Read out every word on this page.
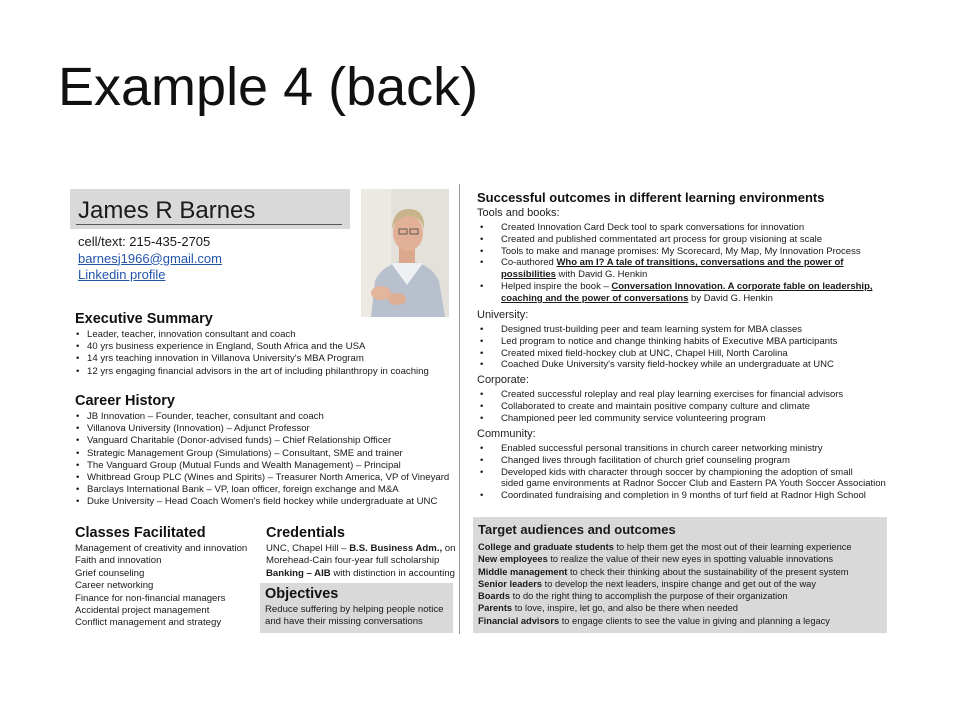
Example 4 (back)
James R Barnes
cell/text: 215-435-2705
barnesj1966@gmail.com
Linkedin profile
Executive Summary
• Leader, teacher, innovation consultant and coach
• 40 yrs business experience in England, South Africa and the USA
• 14 yrs teaching innovation in Villanova University's MBA Program
• 12 yrs engaging financial advisors in the art of including philanthropy in coaching
Career History
• JB Innovation – Founder, teacher, consultant and coach
• Villanova University (Innovation) – Adjunct Professor
• Vanguard Charitable (Donor-advised funds) – Chief Relationship Officer
• Strategic Management Group (Simulations) – Consultant, SME and trainer
• The Vanguard Group (Mutual Funds and Wealth Management) – Principal
• Whitbread Group PLC (Wines and Spirits) – Treasurer North America, VP of Vineyard
• Barclays International Bank – VP, loan officer, foreign exchange and M&A
• Duke University – Head Coach Women's field hockey while undergraduate at UNC
Classes Facilitated
Management of creativity and innovation
Faith and innovation
Grief counseling
Career networking
Finance for non-financial managers
Accidental project management
Conflict management and strategy
Credentials
UNC, Chapel Hill – B.S. Business Adm., on
Morehead-Cain four-year full scholarship
Banking – AIB with distinction in accounting
Objectives
Reduce suffering by helping people notice
and have their missing conversations
Successful outcomes in different learning environments
Tools and books:
• Created Innovation Card Deck tool to spark conversations for innovation
• Created and published commentated art process for group visioning at scale
• Tools to make and manage promises: My Scorecard, My Map, My Innovation Process
• Co-authored Who am I? A tale of transitions, conversations and the power of
possibilities with David G. Henkin
• Helped inspire the book – Conversation Innovation. A corporate fable on leadership,
coaching and the power of conversations by David G. Henkin
University:
• Designed trust-building peer and team learning system for MBA classes
• Led program to notice and change thinking habits of Executive MBA participants
• Created mixed field-hockey club at UNC, Chapel Hill, North Carolina
• Coached Duke University's varsity field-hockey while an undergraduate at UNC
Corporate:
• Created successful roleplay and real play learning exercises for financial advisors
• Collaborated to create and maintain positive company culture and climate
• Championed peer led community service volunteering program
Community:
• Enabled successful personal transitions in church career networking ministry
• Changed lives through facilitation of church grief counseling program
• Developed kids with character through soccer by championing the adoption of small
sided game environments at Radnor Soccer Club and Eastern PA Youth Soccer Association
• Coordinated fundraising and completion in 9 months of turf field at Radnor High School
Target audiences and outcomes
College and graduate students to help them get the most out of their learning experience
New employees to realize the value of their new eyes in spotting valuable innovations
Middle management to check their thinking about the sustainability of the present system
Senior leaders to develop the next leaders, inspire change and get out of the way
Boards to do the right thing to accomplish the purpose of their organization
Parents to love, inspire, let go, and also be there when needed
Financial advisors to engage clients to see the value in giving and planning a legacy
